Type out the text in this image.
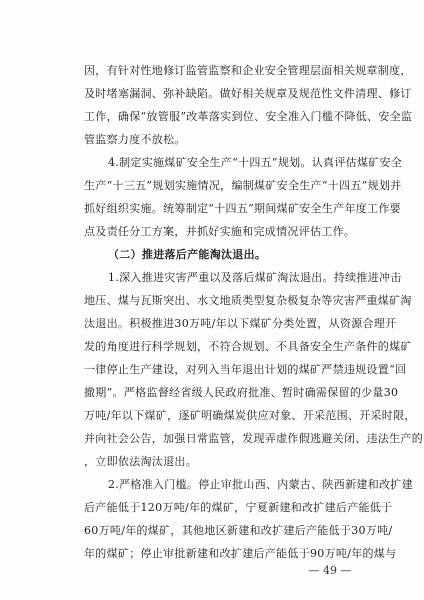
因，有针对性地修订监管监察和企业安全管理层面相关规章制度，
及时堵塞漏洞、弥补缺陷。做好相关规章及规范性文件清理、修订
工作，确保“放管服”改革落实到位、安全准入门槛不降低、安全监
管监察力度不放松。
4.制定实施煤矿安全生产“十四五”规划。认真评估煤矿安全
生产“十三五”规划实施情况，编制煤矿安全生产“十四五”规划并
抓好组织实施。统筹制定“十四五”期间煤矿安全生产年度工作要
点及责任分工方案，并抓好实施和完成情况评估工作。
（二）推进落后产能淘汰退出。
1.深入推进灾害严重以及落后煤矿淘汰退出。持续推进冲击
地压、煤与瓦斯突出、水文地质类型复杂极复杂等灾害严重煤矿淘
汰退出。积极推进30万吨/年以下煤矿分类处置，从资源合理开
发的角度进行科学规划，不符合规划、不具备安全生产条件的煤矿
一律停止生产建设，对列入当年退出计划的煤矿严禁违规设置“回
撤期”。严格监督经省级人民政府批准、暂时确需保留的少量30
万吨/年以下煤矿，逐矿明确煤炭供应对象、开采范围、开采时限，
并向社会公告，加强日常监管，发现弄虚作假逃避关闭、违法生产的
，立即依法淘汰退出。
2.严格准入门槛。停止审批山西、内蒙古、陕西新建和改扩建
后产能低于120万吨/年的煤矿，宁夏新建和改扩建后产能低于
60万吨/年的煤矿，其他地区新建和改扩建后产能低于30万吨/
年的煤矿；停止审批新建和改扩建后产能低于90万吨/年的煤与
— 49 —
